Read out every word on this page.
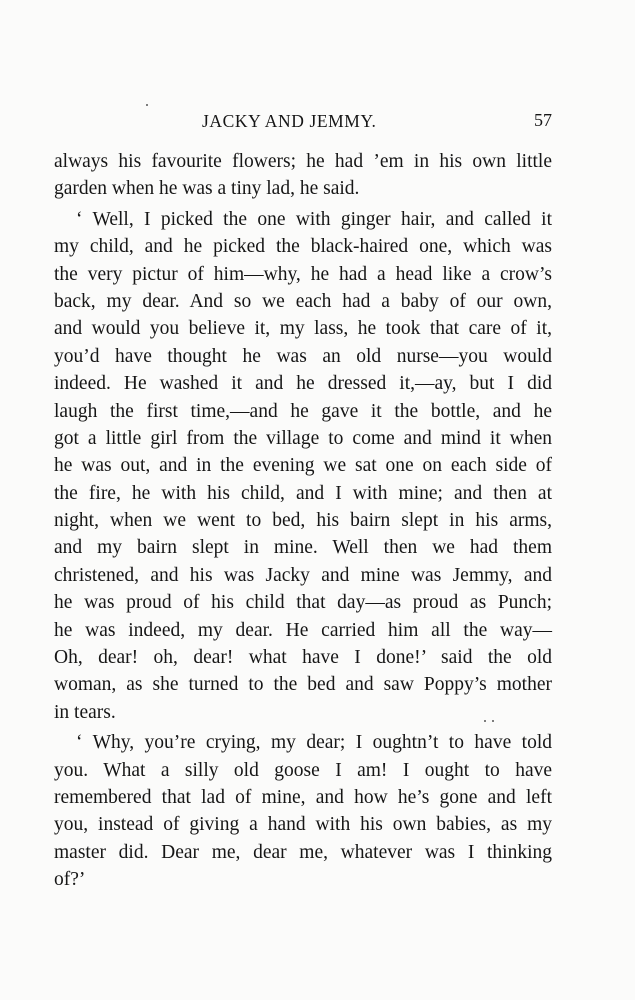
JACKY AND JEMMY.	57
always his favourite flowers; he had ’em in his own little
garden when he was a tiny lad, he said.
‘ Well, I picked the one with ginger hair, and called it
my child, and he picked the black-haired one, which was
the very pictur of him—why, he had a head like a crow’s
back, my dear. And so we each had a baby of our own,
and would you believe it, my lass, he took that care of it,
you’d have thought he was an old nurse—you would
indeed. He washed it and he dressed it,—ay, but I did
laugh the first time,—and he gave it the bottle, and he
got a little girl from the village to come and mind it when
he was out, and in the evening we sat one on each side of
the fire, he with his child, and I with mine; and then at
night, when we went to bed, his bairn slept in his arms,
and my bairn slept in mine. Well then we had them
christened, and his was Jacky and mine was Jemmy, and
he was proud of his child that day—as proud as Punch;
he was indeed, my dear. He carried him all the way—
Oh, dear! oh, dear! what have I done!’ said the old
woman, as she turned to the bed and saw Poppy’s mother
in tears.
‘ Why, you’re crying, my dear; I oughtn’t to have told
you. What a silly old goose I am! I ought to have
remembered that lad of mine, and how he’s gone and left
you, instead of giving a hand with his own babies, as my
master did. Dear me, dear me, whatever was I thinking
of?’
